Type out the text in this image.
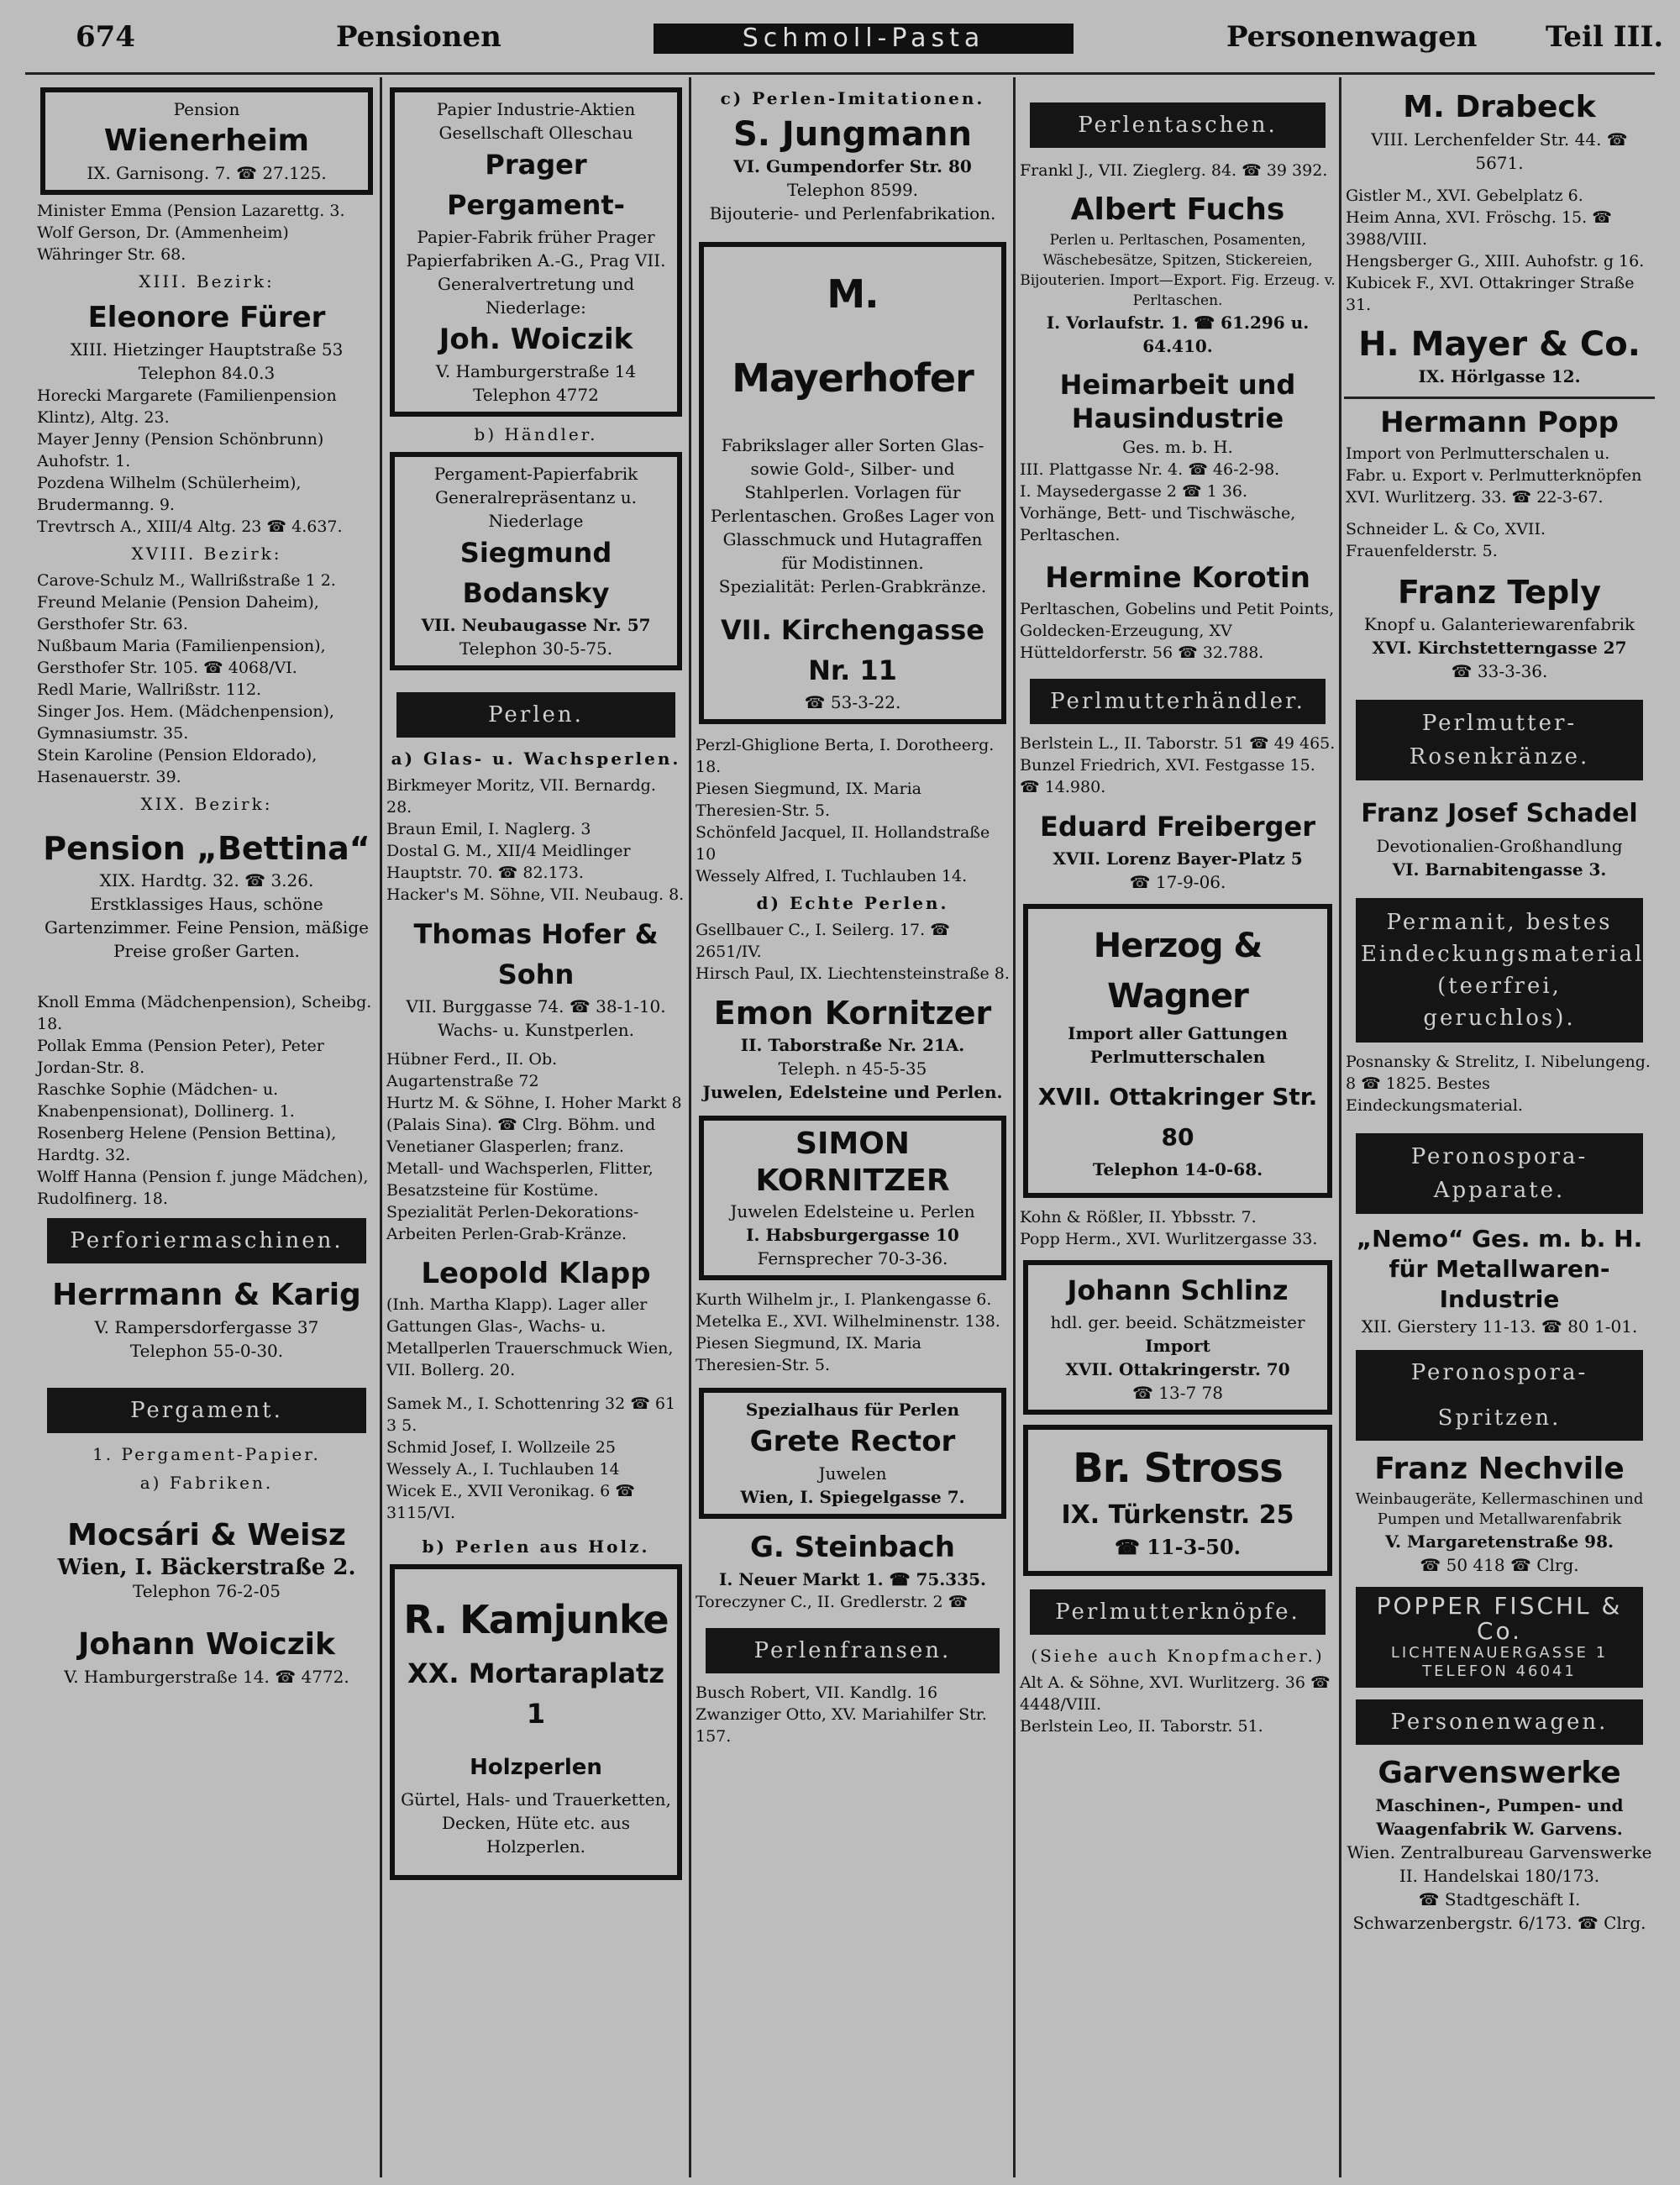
674	Pensionen	Schmoll-Pasta	Personenwagen Teil III.
Pension
Wienerheim
IX. Garnisong. 7. ☎ 27.125.
Minister Emma (Pension Lazarettg. 3.
Wolf Gerson, Dr. (Ammenheim) Währinger Str. 68.
XIII. Bezirk:
Eleonore Fürer
XIII. Hietzinger Hauptstraße 53
Telephon 84.0.3
Horecki Margarete (Familienpension Klintz), Altg. 23.
Mayer Jenny (Pension Schönbrunn) Auhofstr. 1.
Pozdena Wilhelm (Schülerheim), Brudermanng. 9.
Trevtrsch A., XIII/4 Altg. 23 ☎ 4.637.
XVIII. Bezirk:
Carove-Schulz M., Wallrißstraße 1 2.
Freund Melanie (Pension Daheim), Gersthofer Str. 63.
Nußbaum Maria (Familienpension), Gersthofer Str. 105. ☎ 4068/VI.
Redl Marie, Wallrißstr. 112.
Singer Jos. Hem. (Mädchenpension), Gymnasiumstr. 35.
Stein Karoline (Pension Eldorado), Hasenauerstr. 39.
XIX. Bezirk:
Pension „Bettina“
XIX. Hardtg. 32. ☎ 3.26.
Erstklassiges Haus, schöne Gartenzimmer. Feine Pension, mäßige Preise großer Garten.
Knoll Emma (Mädchenpension), Scheibg. 18.
Pollak Emma (Pension Peter), Peter Jordan-Str. 8.
Raschke Sophie (Mädchen- u. Knabenpensionat), Dollinerg. 1.
Rosenberg Helene (Pension Bettina), Hardtg. 32.
Wolff Hanna (Pension f. junge Mädchen), Rudolfinerg. 18.
Perforiermaschinen.
Herrmann & Karig
V. Rampersdorfergasse 37
Telephon 55-0-30.
Pergament.
1. Pergament-Papier.
a) Fabriken.
Mocsári & Weisz
Wien, I. Bäckerstraße 2.
Telephon 76-2-05
Johann Woiczik
V. Hamburgerstraße 14. ☎ 4772.
Papier Industrie-Aktien Gesellschaft Olleschau
Prager Pergament-
Papier-Fabrik früher Prager Papierfabriken A.-G., Prag VII.
Generalvertretung und Niederlage:
Joh. Woiczik
V. Hamburgerstraße 14
Telephon 4772
b) Händler.
Pergament-Papierfabrik
Generalrepräsentanz u. Niederlage
Siegmund Bodansky
VII. Neubaugasse Nr. 57
Telephon 30-5-75.
Perlen.
a) Glas- u. Wachsperlen.
Birkmeyer Moritz, VII. Bernardg. 28.
Braun Emil, I. Naglerg. 3
Dostal G. M., XII/4 Meidlinger Hauptstr. 70. ☎ 82.173.
Hacker's M. Söhne, VII. Neubaug. 8.
Thomas Hofer & Sohn
VII. Burggasse 74. ☎ 38-1-10.
Wachs- u. Kunstperlen.
Hübner Ferd., II. Ob. Augartenstraße 72
Hurtz M. & Söhne, I. Hoher Markt 8 (Palais Sina). ☎ Clrg. Böhm. und Venetianer Glasperlen; franz. Metall- und Wachsperlen, Flitter, Besatzsteine für Kostüme. Spezialität Perlen-Dekorations-Arbeiten Perlen-Grab-Kränze.
Leopold Klapp
(Inh. Martha Klapp). Lager aller Gattungen Glas-, Wachs- u. Metallperlen Trauerschmuck Wien, VII. Bollerg. 20.
Samek M., I. Schottenring 32 ☎ 61 3 5.
Schmid Josef, I. Wollzeile 25
Wessely A., I. Tuchlauben 14
Wicek E., XVII Veronikag. 6 ☎ 3115/VI.
b) Perlen aus Holz.
R. Kamjunke
XX. Mortaraplatz 1
Holzperlen
Gürtel, Hals- und Trauerketten, Decken, Hüte etc. aus Holzperlen.
c) Perlen-Imitationen.
S. Jungmann
VI. Gumpendorfer Str. 80
Telephon 8599.
Bijouterie- und Perlenfabrikation.
M. Mayerhofer
Fabrikslager aller Sorten Glas- sowie Gold-, Silber- und Stahlperlen. Vorlagen für Perlentaschen. Großes Lager von Glasschmuck und Hutagraffen für Modistinnen.
Spezialität: Perlen-Grabkränze.
VII. Kirchengasse Nr. 11
☎ 53-3-22.
Perzl-Ghiglione Berta, I. Dorotheerg. 18.
Piesen Siegmund, IX. Maria Theresien-Str. 5.
Schönfeld Jacquel, II. Hollandstraße 10
Wessely Alfred, I. Tuchlauben 14.
d) Echte Perlen.
Gsellbauer C., I. Seilerg. 17. ☎ 2651/IV.
Hirsch Paul, IX. Liechtensteinstraße 8.
Emon Kornitzer
II. Taborstraße Nr. 21A.
Teleph. n 45-5-35
Juwelen, Edelsteine und Perlen.
SIMON KORNITZER
Juwelen Edelsteine u. Perlen
I. Habsburgergasse 10
Fernsprecher 70-3-36.
Kurth Wilhelm jr., I. Plankengasse 6.
Metelka E., XVI. Wilhelminenstr. 138.
Piesen Siegmund, IX. Maria Theresien-Str. 5.
Spezialhaus für Perlen
Grete Rector
Juwelen
Wien, I. Spiegelgasse 7.
G. Steinbach
I. Neuer Markt 1. ☎ 75.335.
Toreczyner C., II. Gredlerstr. 2 ☎
Perlenfransen.
Busch Robert, VII. Kandlg. 16
Zwanziger Otto, XV. Mariahilfer Str. 157.
Perlentaschen.
Frankl J., VII. Zieglerg. 84. ☎ 39 392.
Albert Fuchs
Perlen u. Perltaschen, Posamenten, Wäschebesätze, Spitzen, Stickereien, Bijouterien. Import—Export. Fig. Erzeug. v. Perltaschen.
I. Vorlaufstr. 1. ☎ 61.296 u. 64.410.
Heimarbeit und Hausindustrie
Ges. m. b. H.
III. Plattgasse Nr. 4. ☎ 46-2-98.
I. Maysedergasse 2 ☎ 1 36.
Vorhänge, Bett- und Tischwäsche, Perltaschen.
Hermine Korotin
Perltaschen, Gobelins und Petit Points, Goldecken-Erzeugung, XV Hütteldorferstr. 56 ☎ 32.788.
Perlmutterhändler.
Berlstein L., II. Taborstr. 51 ☎ 49 465.
Bunzel Friedrich, XVI. Festgasse 15. ☎ 14.980.
Eduard Freiberger
XVII. Lorenz Bayer-Platz 5
☎ 17-9-06.
Herzog & Wagner
Import aller Gattungen Perlmutterschalen
XVII. Ottakringer Str. 80
Telephon 14-0-68.
Kohn & Rößler, II. Ybbsstr. 7.
Popp Herm., XVI. Wurlitzergasse 33.
Johann Schlinz
hdl. ger. beeid. Schätzmeister
Import
XVII. Ottakringerstr. 70
☎ 13-7 78
Br. Stross
IX. Türkenstr. 25
☎ 11-3-50.
Perlmutterknöpfe.
(Siehe auch Knopfmacher.)
Alt A. & Söhne, XVI. Wurlitzerg. 36 ☎ 4448/VIII.
Berlstein Leo, II. Taborstr. 51.
M. Drabeck
VIII. Lerchenfelder Str. 44. ☎ 5671.
Gistler M., XVI. Gebelplatz 6.
Heim Anna, XVI. Fröschg. 15. ☎ 3988/VIII.
Hengsberger G., XIII. Auhofstr. g 16.
Kubicek F., XVI. Ottakringer Straße 31.
H. Mayer & Co.
IX. Hörlgasse 12.
Hermann Popp
Import von Perlmutterschalen u. Fabr. u. Export v. Perlmutterknöpfen XVI. Wurlitzerg. 33. ☎ 22-3-67.
Schneider L. & Co, XVII. Frauenfelderstr. 5.
Franz Teply
Knopf u. Galanteriewarenfabrik
XVI. Kirchstetterngasse 27
☎ 33-3-36.
Perlmutter-Rosenkränze.
Franz Josef Schadel
Devotionalien-Großhandlung
VI. Barnabitengasse 3.
Permanit, bestes Eindeckungsmaterial (teerfrei, geruchlos).
Posnansky & Strelitz, I. Nibelungeng. 8 ☎ 1825. Bestes Eindeckungsmaterial.
Peronospora-Apparate.
„Nemo“ Ges. m. b. H. für Metallwaren-Industrie
XII. Gierstery 11-13. ☎ 80 1-01.
Peronospora-Spritzen.
Franz Nechvile
Weinbaugeräte, Kellermaschinen und Pumpen und Metallwarenfabrik
V. Margaretenstraße 98.
☎ 50 418 ☎ Clrg.
POPPER FISCHL & Co.
LICHTENAUERGASSE 1
TELEFON 46041
Personenwagen.
Garvenswerke
Maschinen-, Pumpen- und Waagenfabrik W. Garvens.
Wien. Zentralbureau Garvenswerke II. Handelskai 180/173.
☎ Stadtgeschäft I. Schwarzenbergstr. 6/173. ☎ Clrg.
